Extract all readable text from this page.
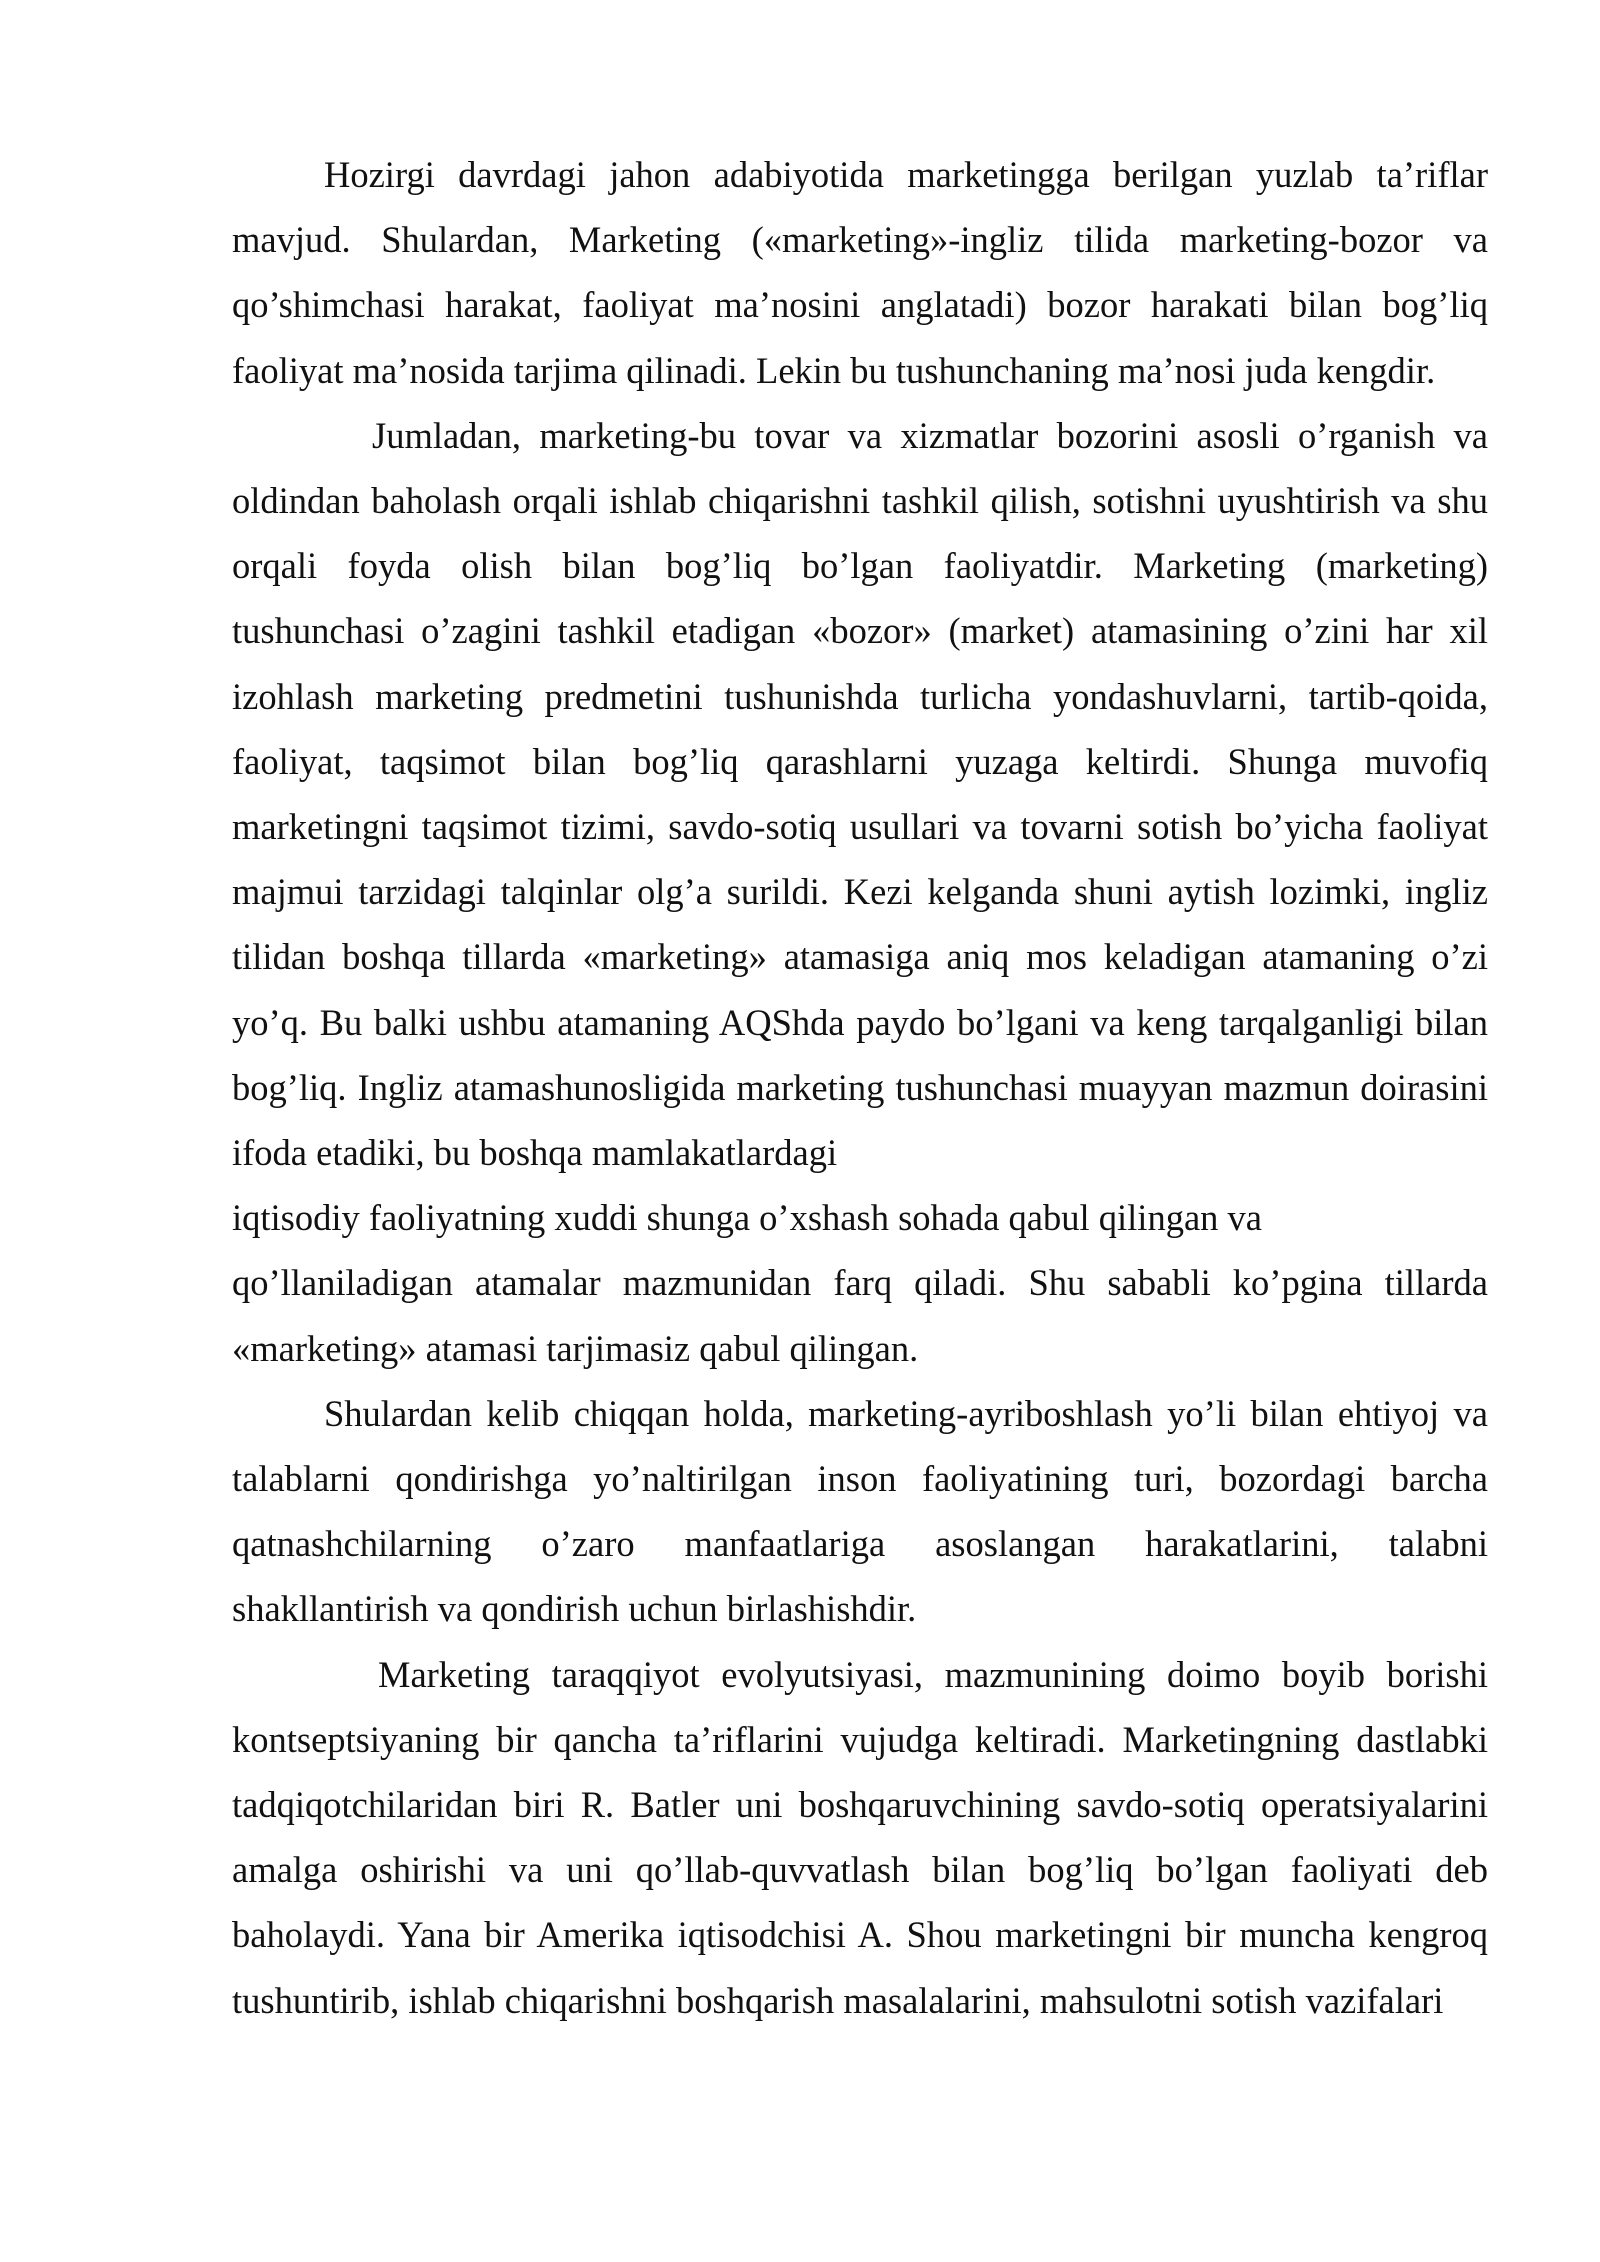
Hozirgi davrdagi jahon adabiyotida marketingga berilgan yuzlab ta’riflar mavjud. Shulardan, Marketing («marketing»-ingliz tilida marketing-bozor va qo’shimchasi harakat, faoliyat ma’nosini anglatadi) bozor harakati bilan bog’liq faoliyat ma’nosida tarjima qilinadi. Lekin bu tushunchaning ma’nosi juda kengdir.

Jumladan, marketing-bu tovar va xizmatlar bozorini asosli o’rganish va oldindan baholash orqali ishlab chiqarishni tashkil qilish, sotishni uyushtirish va shu orqali foyda olish bilan bog’liq bo’lgan faoliyatdir. Marketing (marketing) tushunchasi o’zagini tashkil etadigan «bozor» (market) atamasining o’zini har xil izohlash marketing predmetini tushunishda turlicha yondashuvlarni, tartib-qoida, faoliyat, taqsimot bilan bog’liq qarashlarni yuzaga keltirdi. Shunga muvofiq marketingni taqsimot tizimi, savdo-sotiq usullari va tovarni sotish bo’yicha faoliyat majmui tarzidagi talqinlar olg’a surildi. Kezi kelganda shuni aytish lozimki, ingliz tilidan boshqa tillarda «marketing» atamasiga aniq mos keladigan atamaning o’zi yo’q. Bu balki ushbu atamaning AQShda paydo bo’lgani va keng tarqalganligi bilan bog’liq. Ingliz atamashunosligida marketing tushunchasi muayyan mazmun doirasini ifoda etadiki, bu boshqa mamlakatlardagi

iqtisodiy faoliyatning xuddi shunga o’xshash sohada qabul qilingan va

qo’llaniladigan atamalar mazmunidan farq qiladi. Shu sababli ko’pgina tillarda «marketing» atamasi tarjimasiz qabul qilingan.

Shulardan kelib chiqqan holda, marketing-ayriboshlash yo’li bilan ehtiyoj va talablarni qondirishga yo’naltirilgan inson faoliyatining turi, bozordagi barcha qatnashchilarning o’zaro manfaatlariga asoslangan harakatlarini, talabni shakllantirish va qondirish uchun birlashishdir.

Marketing taraqqiyot evolyutsiyasi, mazmunining doimo boyib borishi kontseptsiyaning bir qancha ta’riflarini vujudga keltiradi. Marketingning dastlabki tadqiqotchilaridan biri R. Batler uni boshqaruvchining savdo-sotiq operatsiyalarini amalga oshirishi va uni qo’llab-quvvatlash bilan bog’liq bo’lgan faoliyati deb baholaydi. Yana bir Amerika iqtisodchisi A. Shou marketingni bir muncha kengroq tushuntirib, ishlab chiqarishni boshqarish masalalarini, mahsulotni sotish vazifalari
